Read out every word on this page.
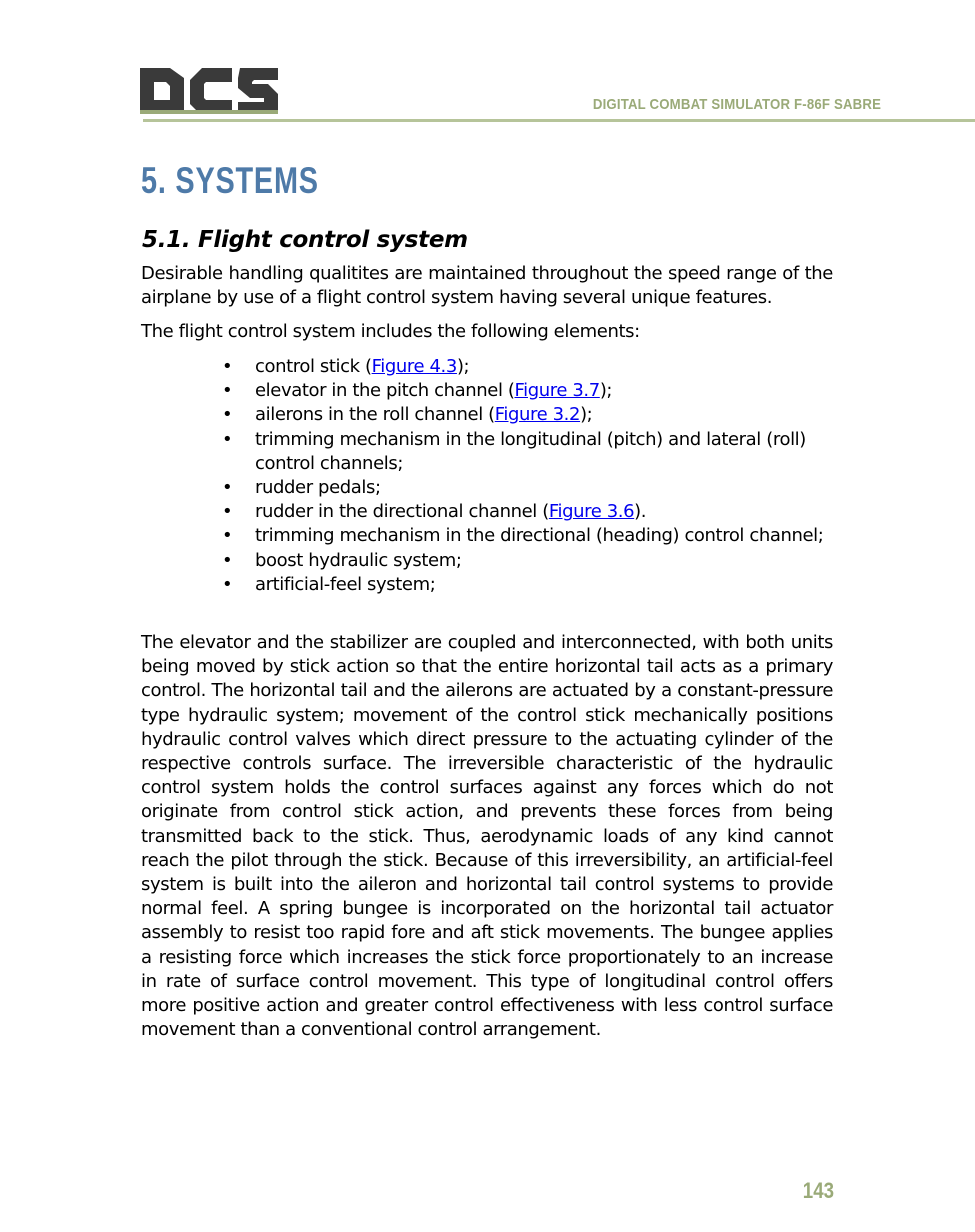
DIGITAL COMBAT SIMULATOR F-86F SABRE
5. SYSTEMS
5.1. Flight control system

Desirable handling qualitites are maintained throughout the speed range of the airplane by use of a flight control system having several unique features.

The flight control system includes the following elements:

• control stick (Figure 4.3);
• elevator in the pitch channel (Figure 3.7);
• ailerons in the roll channel (Figure 3.2);
• trimming mechanism in the longitudinal (pitch) and lateral (roll) control channels;
• rudder pedals;
• rudder in the directional channel (Figure 3.6).
• trimming mechanism in the directional (heading) control channel;
• boost hydraulic system;
• artificial-feel system;

The elevator and the stabilizer are coupled and interconnected, with both units being moved by stick action so that the entire horizontal tail acts as a primary control. The horizontal tail and the ailerons are actuated by a constant-pressure type hydraulic system; movement of the control stick mechanically positions hydraulic control valves which direct pressure to the actuating cylinder of the respective controls surface. The irreversible characteristic of the hydraulic control system holds the control surfaces against any forces which do not originate from control stick action, and prevents these forces from being transmitted back to the stick. Thus, aerodynamic loads of any kind cannot reach the pilot through the stick. Because of this irreversibility, an artificial-feel system is built into the aileron and horizontal tail control systems to provide normal feel. A spring bungee is incorporated on the horizontal tail actuator assembly to resist too rapid fore and aft stick movements. The bungee applies a resisting force which increases the stick force proportionately to an increase in rate of surface control movement. This type of longitudinal control offers more positive action and greater control effectiveness with less control surface movement than a conventional control arrangement.

143
